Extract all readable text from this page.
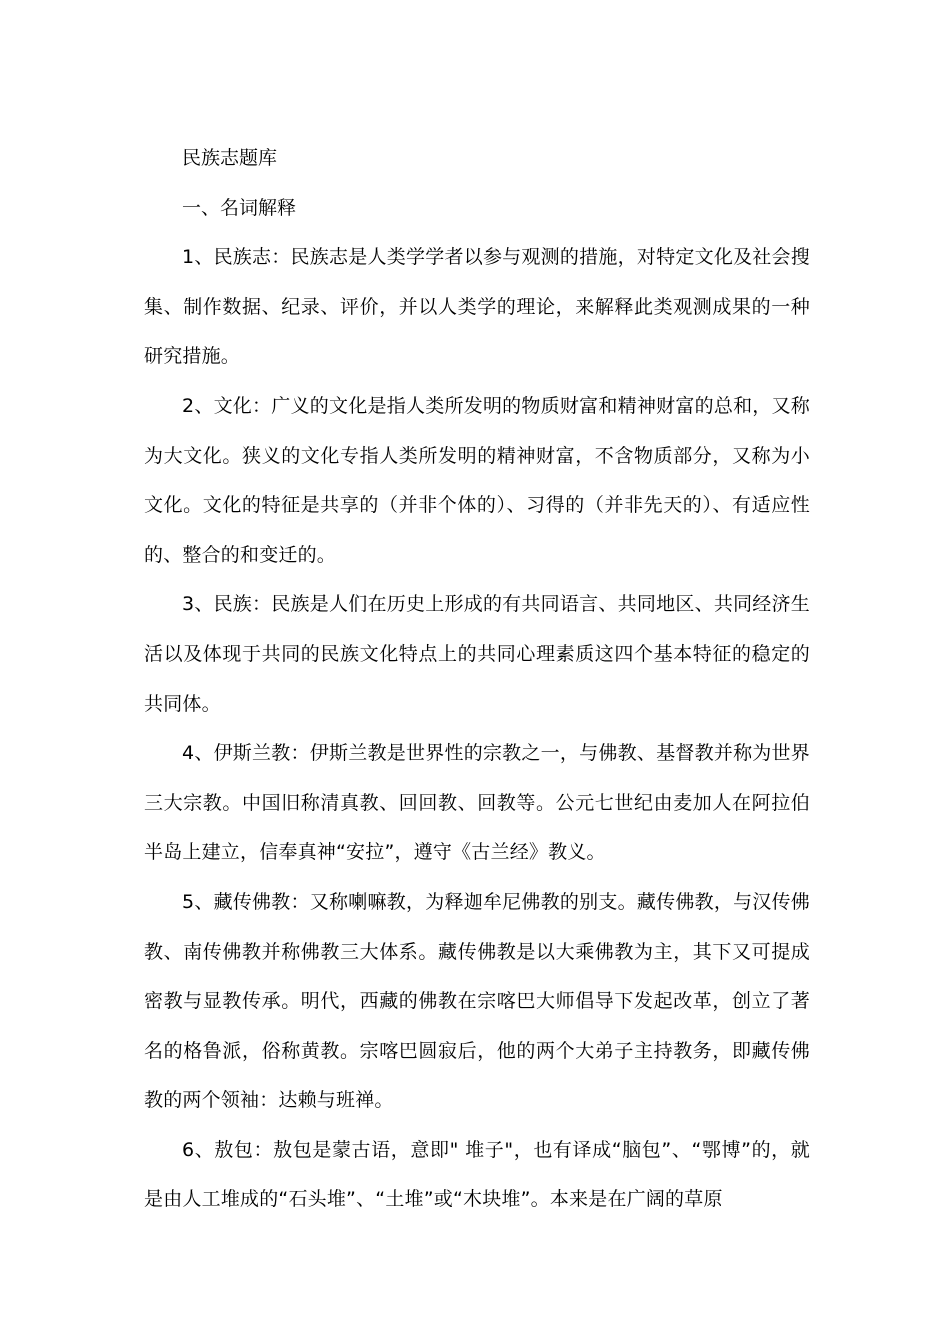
民族志题库

一、名词解释

1、民族志：民族志是人类学学者以参与观测的措施，对特定文化及社会搜集、制作数据、纪录、评价，并以人类学的理论，来解释此类观测成果的一种研究措施。

2、文化：广义的文化是指人类所发明的物质财富和精神财富的总和，又称为大文化。狭义的文化专指人类所发明的精神财富，不含物质部分，又称为小文化。文化的特征是共享的（并非个体的）、习得的（并非先天的）、有适应性的、整合的和变迁的。

3、民族：民族是人们在历史上形成的有共同语言、共同地区、共同经济生活以及体现于共同的民族文化特点上的共同心理素质这四个基本特征的稳定的共同体。

4、伊斯兰教：伊斯兰教是世界性的宗教之一，与佛教、基督教并称为世界三大宗教。中国旧称清真教、回回教、回教等。公元七世纪由麦加人在阿拉伯半岛上建立，信奉真神“安拉”，遵守《古兰经》教义。

5、藏传佛教：又称喇嘛教，为释迦牟尼佛教的别支。藏传佛教，与汉传佛教、南传佛教并称佛教三大体系。藏传佛教是以大乘佛教为主，其下又可提成密教与显教传承。明代，西藏的佛教在宗喀巴大师倡导下发起改革，创立了著名的格鲁派，俗称黄教。宗喀巴圆寂后，他的两个大弟子主持教务，即藏传佛教的两个领袖：达赖与班禅。

6、敖包：敖包是蒙古语，意即" 堆子"，也有译成“脑包”、“鄂博”的，就是由人工堆成的“石头堆”、“土堆”或“木块堆”。本来是在广阔的草原
